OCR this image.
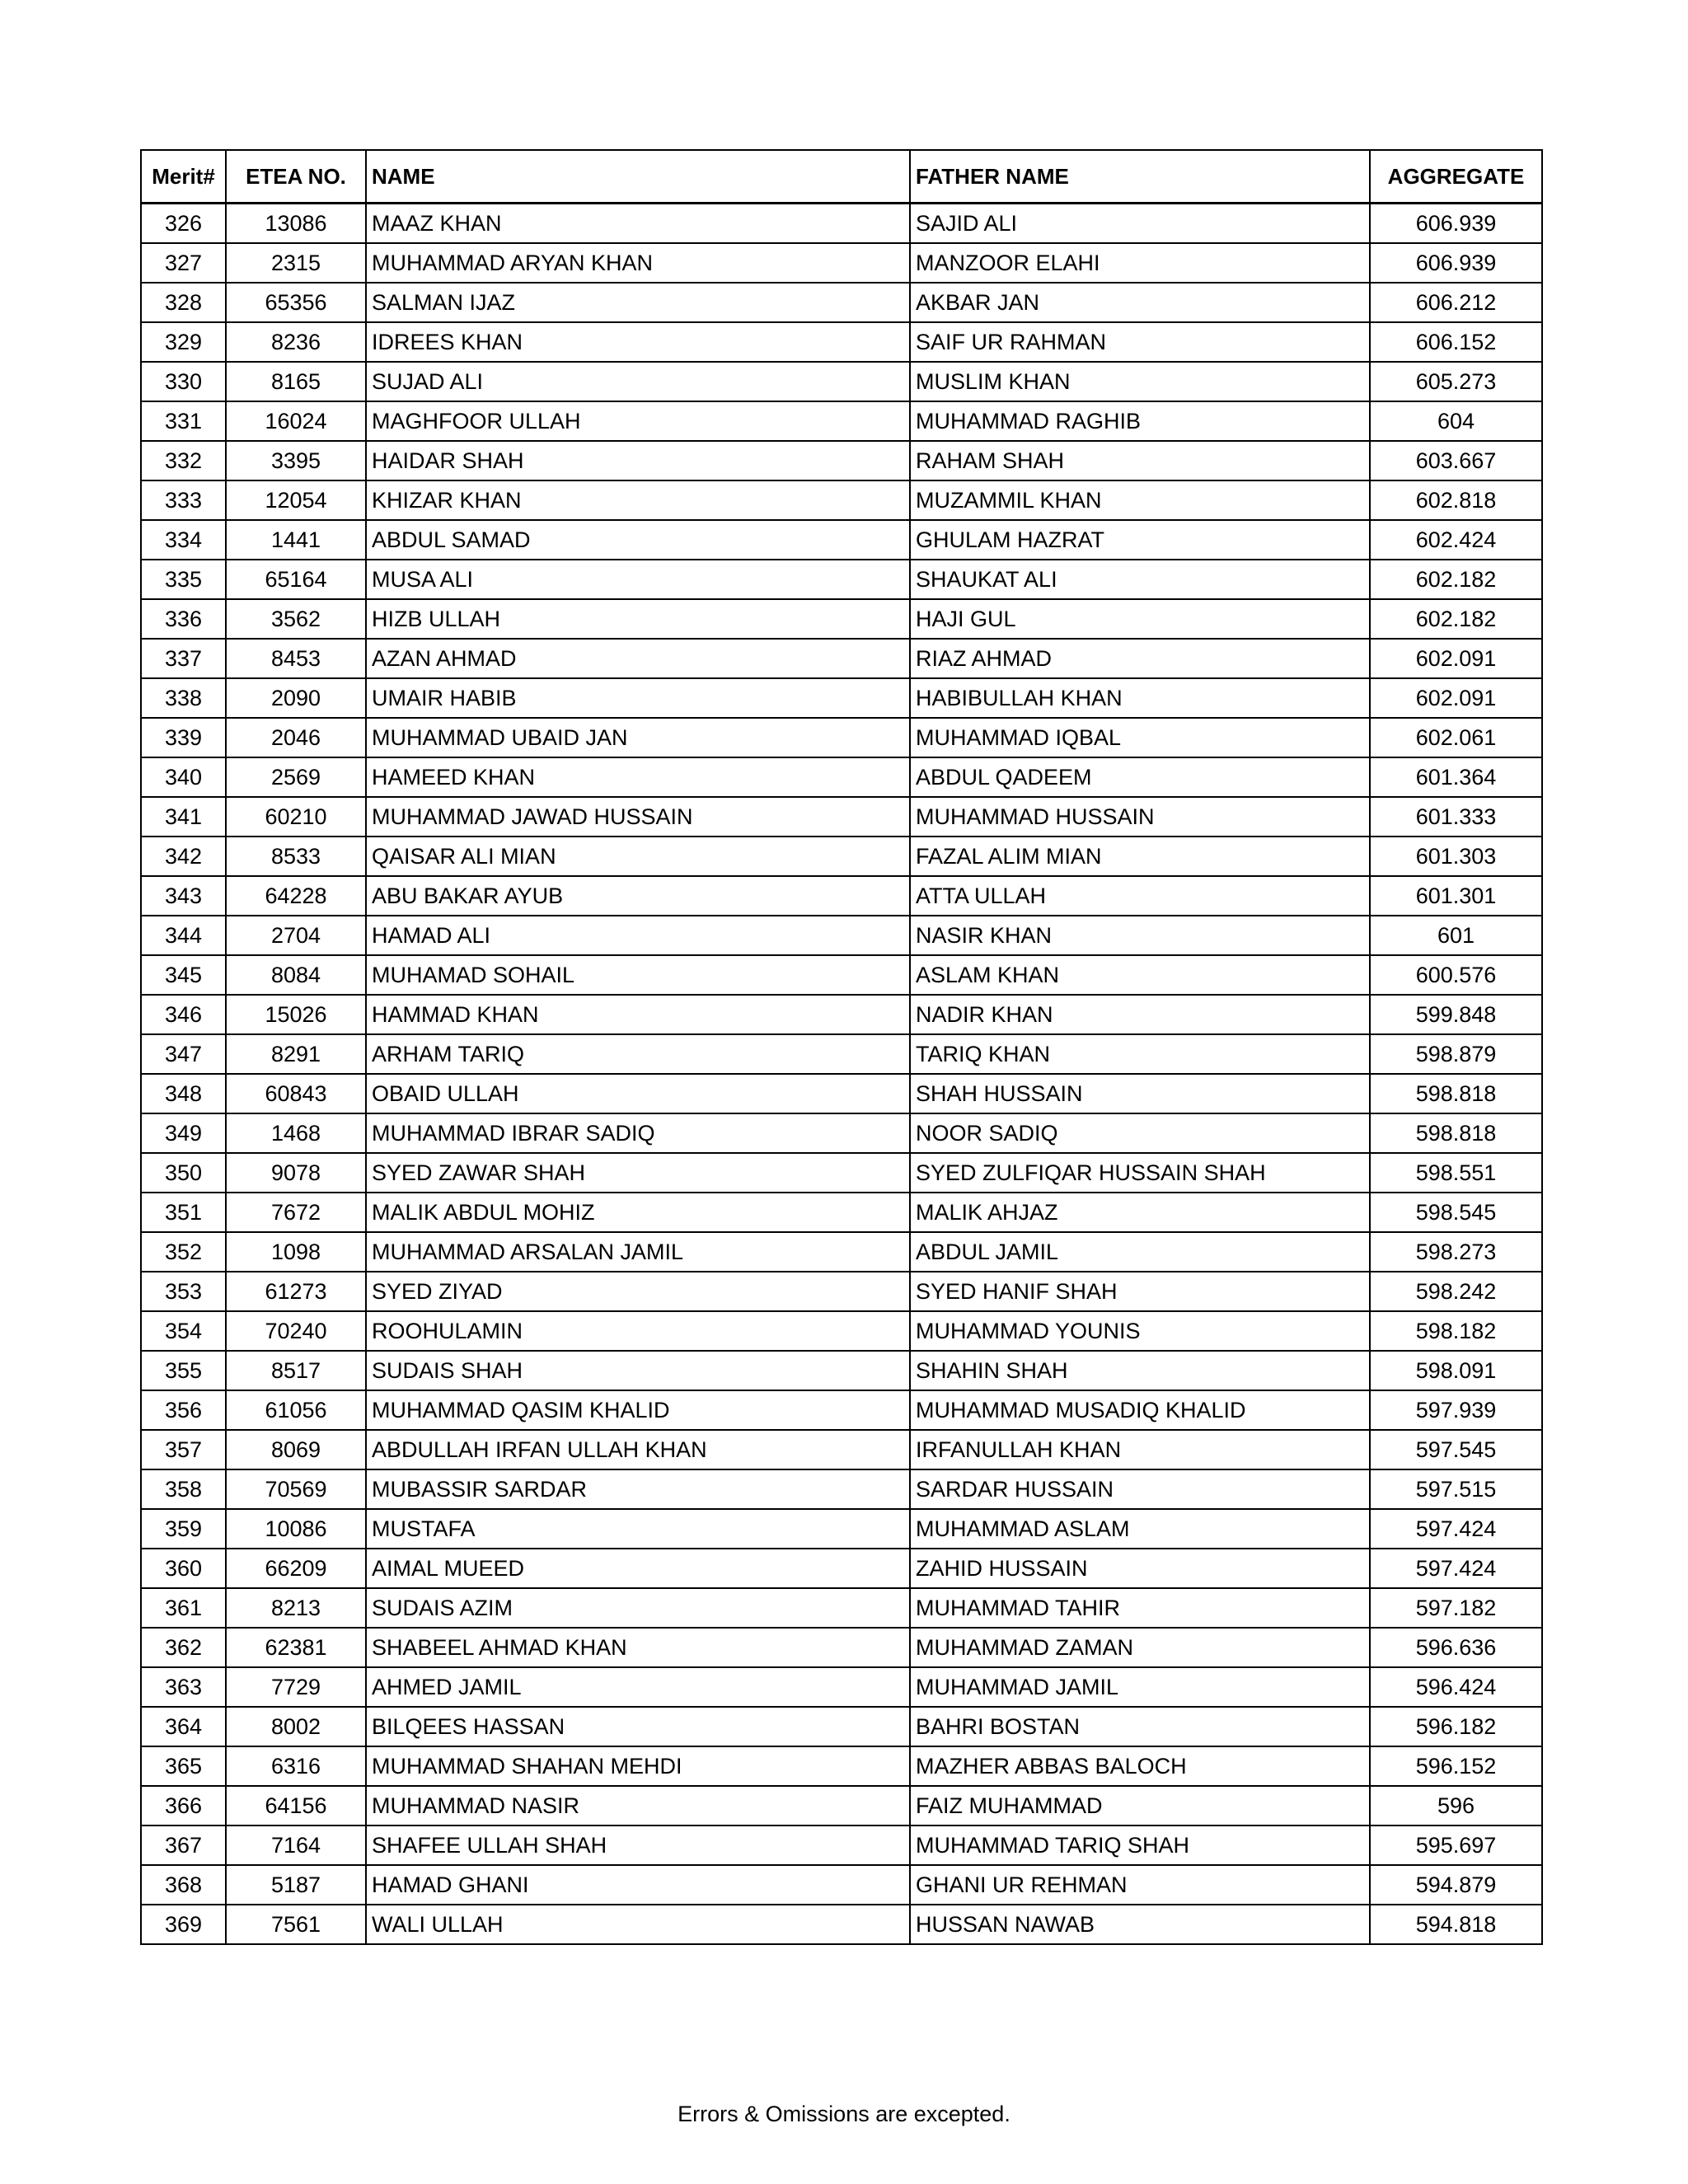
Merit#	ETEA NO.	NAME	FATHER NAME	AGGREGATE
326	13086	MAAZ KHAN	SAJID ALI	606.939
327	2315	MUHAMMAD ARYAN KHAN	MANZOOR ELAHI	606.939
328	65356	SALMAN IJAZ	AKBAR JAN	606.212
329	8236	IDREES KHAN	SAIF UR RAHMAN	606.152
330	8165	SUJAD ALI	MUSLIM KHAN	605.273
331	16024	MAGHFOOR ULLAH	MUHAMMAD RAGHIB	604
332	3395	HAIDAR SHAH	RAHAM SHAH	603.667
333	12054	KHIZAR KHAN	MUZAMMIL KHAN	602.818
334	1441	ABDUL SAMAD	GHULAM HAZRAT	602.424
335	65164	MUSA ALI	SHAUKAT ALI	602.182
336	3562	HIZB ULLAH	HAJI GUL	602.182
337	8453	AZAN AHMAD	RIAZ AHMAD	602.091
338	2090	UMAIR HABIB	HABIBULLAH KHAN	602.091
339	2046	MUHAMMAD UBAID JAN	MUHAMMAD IQBAL	602.061
340	2569	HAMEED KHAN	ABDUL QADEEM	601.364
341	60210	MUHAMMAD JAWAD HUSSAIN	MUHAMMAD HUSSAIN	601.333
342	8533	QAISAR ALI MIAN	FAZAL ALIM MIAN	601.303
343	64228	ABU BAKAR AYUB	ATTA ULLAH	601.301
344	2704	HAMAD ALI	NASIR KHAN	601
345	8084	MUHAMAD SOHAIL	ASLAM KHAN	600.576
346	15026	HAMMAD KHAN	NADIR KHAN	599.848
347	8291	ARHAM TARIQ	TARIQ KHAN	598.879
348	60843	OBAID ULLAH	SHAH HUSSAIN	598.818
349	1468	MUHAMMAD IBRAR SADIQ	NOOR SADIQ	598.818
350	9078	SYED ZAWAR SHAH	SYED ZULFIQAR HUSSAIN SHAH	598.551
351	7672	MALIK ABDUL MOHIZ	MALIK AHJAZ	598.545
352	1098	MUHAMMAD ARSALAN JAMIL	ABDUL JAMIL	598.273
353	61273	SYED ZIYAD	SYED HANIF SHAH	598.242
354	70240	ROOHULAMIN	MUHAMMAD YOUNIS	598.182
355	8517	SUDAIS SHAH	SHAHIN SHAH	598.091
356	61056	MUHAMMAD QASIM KHALID	MUHAMMAD MUSADIQ KHALID	597.939
357	8069	ABDULLAH IRFAN ULLAH KHAN	IRFANULLAH KHAN	597.545
358	70569	MUBASSIR SARDAR	SARDAR HUSSAIN	597.515
359	10086	MUSTAFA	MUHAMMAD ASLAM	597.424
360	66209	AIMAL MUEED	ZAHID HUSSAIN	597.424
361	8213	SUDAIS AZIM	MUHAMMAD TAHIR	597.182
362	62381	SHABEEL AHMAD KHAN	MUHAMMAD ZAMAN	596.636
363	7729	AHMED JAMIL	MUHAMMAD JAMIL	596.424
364	8002	BILQEES HASSAN	BAHRI BOSTAN	596.182
365	6316	MUHAMMAD SHAHAN MEHDI	MAZHER ABBAS BALOCH	596.152
366	64156	MUHAMMAD NASIR	FAIZ MUHAMMAD	596
367	7164	SHAFEE ULLAH SHAH	MUHAMMAD TARIQ SHAH	595.697
368	5187	HAMAD GHANI	GHANI UR REHMAN	594.879
369	7561	WALI ULLAH	HUSSAN NAWAB	594.818
Errors & Omissions are excepted.
